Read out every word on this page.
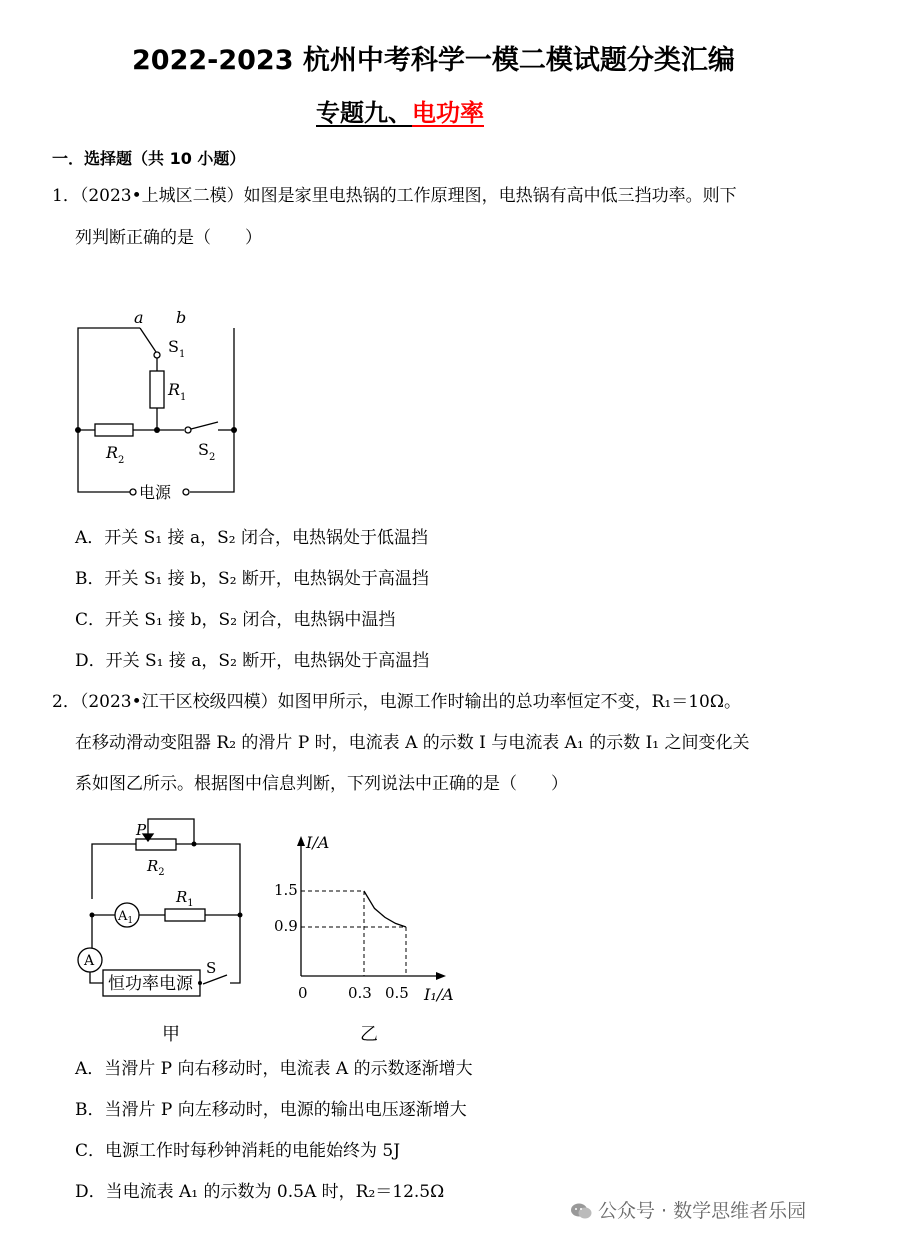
2022-2023 杭州中考科学一模二模试题分类汇编
专题九、电功率
一．选择题（共 10 小题）
1．（2023•上城区二模）如图是家里电热锅的工作原理图，电热锅有高中低三挡功率。则下
列判断正确的是（　　）
a b
$S_1$
$R_1$
$R_2$
$S_2$
电源
A．开关 S₁ 接 a，S₂ 闭合，电热锅处于低温挡
B．开关 S₁ 接 b，S₂ 断开，电热锅处于高温挡
C．开关 S₁ 接 b，S₂ 闭合，电热锅中温挡
D．开关 S₁ 接 a，S₂ 断开，电热锅处于高温挡
2．（2023•江干区校级四模）如图甲所示，电源工作时输出的总功率恒定不变，R₁＝10Ω。
在移动滑动变阻器 R₂ 的滑片 P 时，电流表 A 的示数 I 与电流表 A₁ 的示数 I₁ 之间变化关
系如图乙所示。根据图中信息判断，下列说法中正确的是（　　）
P
$R_2$
$A_1$
$R_1$
A	S
恒功率电源
甲
I/A
I₁/A
1.5
0.9
0	0.3 0.5
乙
A．当滑片 P 向右移动时，电流表 A 的示数逐渐增大
B．当滑片 P 向左移动时，电源的输出电压逐渐增大
C．电源工作时每秒钟消耗的电能始终为 5J
D．当电流表 A₁ 的示数为 0.5A 时，R₂＝12.5Ω
公众号 · 数学思维者乐园
